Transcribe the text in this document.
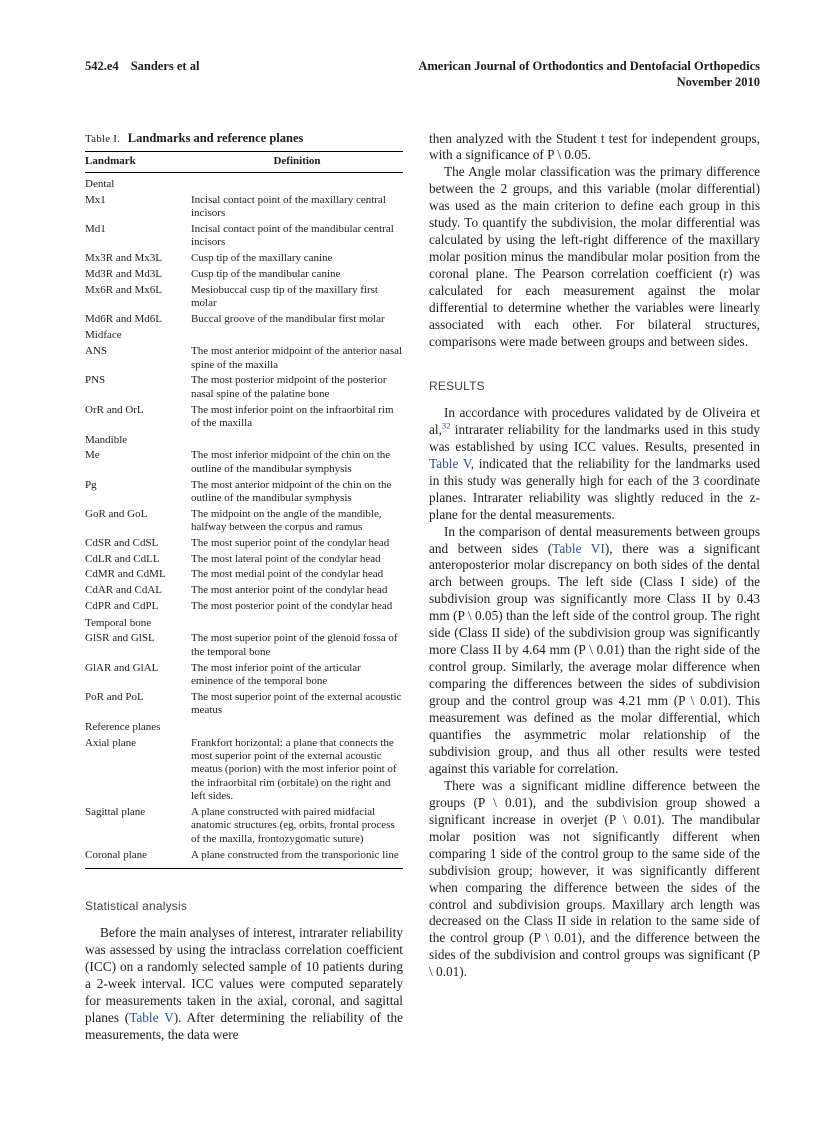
542.e4 Sanders et al	American Journal of Orthodontics and Dentofacial Orthopedics
November 2010
Table I. Landmarks and reference planes
Landmark	Definition
Dental	
Mx1	Incisal contact point of the maxillary central incisors
Md1	Incisal contact point of the mandibular central incisors
Mx3R and Mx3L	Cusp tip of the maxillary canine
Md3R and Md3L	Cusp tip of the mandibular canine
Mx6R and Mx6L	Mesiobuccal cusp tip of the maxillary first molar
Md6R and Md6L	Buccal groove of the mandibular first molar
Midface	
ANS	The most anterior midpoint of the anterior nasal spine of the maxilla
PNS	The most posterior midpoint of the posterior nasal spine of the palatine bone
OrR and OrL	The most inferior point on the infraorbital rim of the maxilla
Mandible	
Me	The most inferior midpoint of the chin on the outline of the mandibular symphysis
Pg	The most anterior midpoint of the chin on the outline of the mandibular symphysis
GoR and GoL	The midpoint on the angle of the mandible, halfway between the corpus and ramus
CdSR and CdSL	The most superior point of the condylar head
CdLR and CdLL	The most lateral point of the condylar head
CdMR and CdML	The most medial point of the condylar head
CdAR and CdAL	The most anterior point of the condylar head
CdPR and CdPL	The most posterior point of the condylar head
Temporal bone	
GlSR and GlSL	The most superior point of the glenoid fossa of the temporal bone
GlAR and GlAL	The most inferior point of the articular eminence of the temporal bone
PoR and PoL	The most superior point of the external acoustic meatus
Reference planes	
Axial plane	Frankfort horizontal: a plane that connects the most superior point of the external acoustic meatus (porion) with the most inferior point of the infraorbital rim (orbitale) on the right and left sides.
Sagittal plane	A plane constructed with paired midfacial anatomic structures (eg, orbits, frontal process of the maxilla, frontozygomatic suture)
Coronal plane	A plane constructed from the transporionic line
Statistical analysis

Before the main analyses of interest, intrarater reliability was assessed by using the intraclass correlation coefficient (ICC) on a randomly selected sample of 10 patients during a 2-week interval. ICC values were computed separately for measurements taken in the axial, coronal, and sagittal planes (Table V). After determining the reliability of the measurements, the data were

then analyzed with the Student t test for independent groups, with a significance of P \ 0.05.

The Angle molar classification was the primary difference between the 2 groups, and this variable (molar differential) was used as the main criterion to define each group in this study. To quantify the subdivision, the molar differential was calculated by using the left-right difference of the maxillary molar position minus the mandibular molar position from the coronal plane. The Pearson correlation coefficient (r) was calculated for each measurement against the molar differential to determine whether the variables were linearly associated with each other. For bilateral structures, comparisons were made between groups and between sides.

RESULTS

In accordance with procedures validated by de Oliveira et al,$^{32}$ intrarater reliability for the landmarks used in this study was established by using ICC values. Results, presented in Table V, indicated that the reliability for the landmarks used in this study was generally high for each of the 3 coordinate planes. Intrarater reliability was slightly reduced in the z-plane for the dental measurements.

In the comparison of dental measurements between groups and between sides (Table VI), there was a significant anteroposterior molar discrepancy on both sides of the dental arch between groups. The left side (Class I side) of the subdivision group was significantly more Class II by 0.43 mm (P \ 0.05) than the left side of the control group. The right side (Class II side) of the subdivision group was significantly more Class II by 4.64 mm (P \ 0.01) than the right side of the control group. Similarly, the average molar difference when comparing the differences between the sides of subdivision group and the control group was 4.21 mm (P \ 0.01). This measurement was defined as the molar differential, which quantifies the asymmetric molar relationship of the subdivision group, and thus all other results were tested against this variable for correlation.

There was a significant midline difference between the groups (P \ 0.01), and the subdivision group showed a significant increase in overjet (P \ 0.01). The mandibular molar position was not significantly different when comparing 1 side of the control group to the same side of the subdivision group; however, it was significantly different when comparing the difference between the sides of the control and subdivision groups. Maxillary arch length was decreased on the Class II side in relation to the same side of the control group (P \ 0.01), and the difference between the sides of the subdivision and control groups was significant (P \ 0.01).
